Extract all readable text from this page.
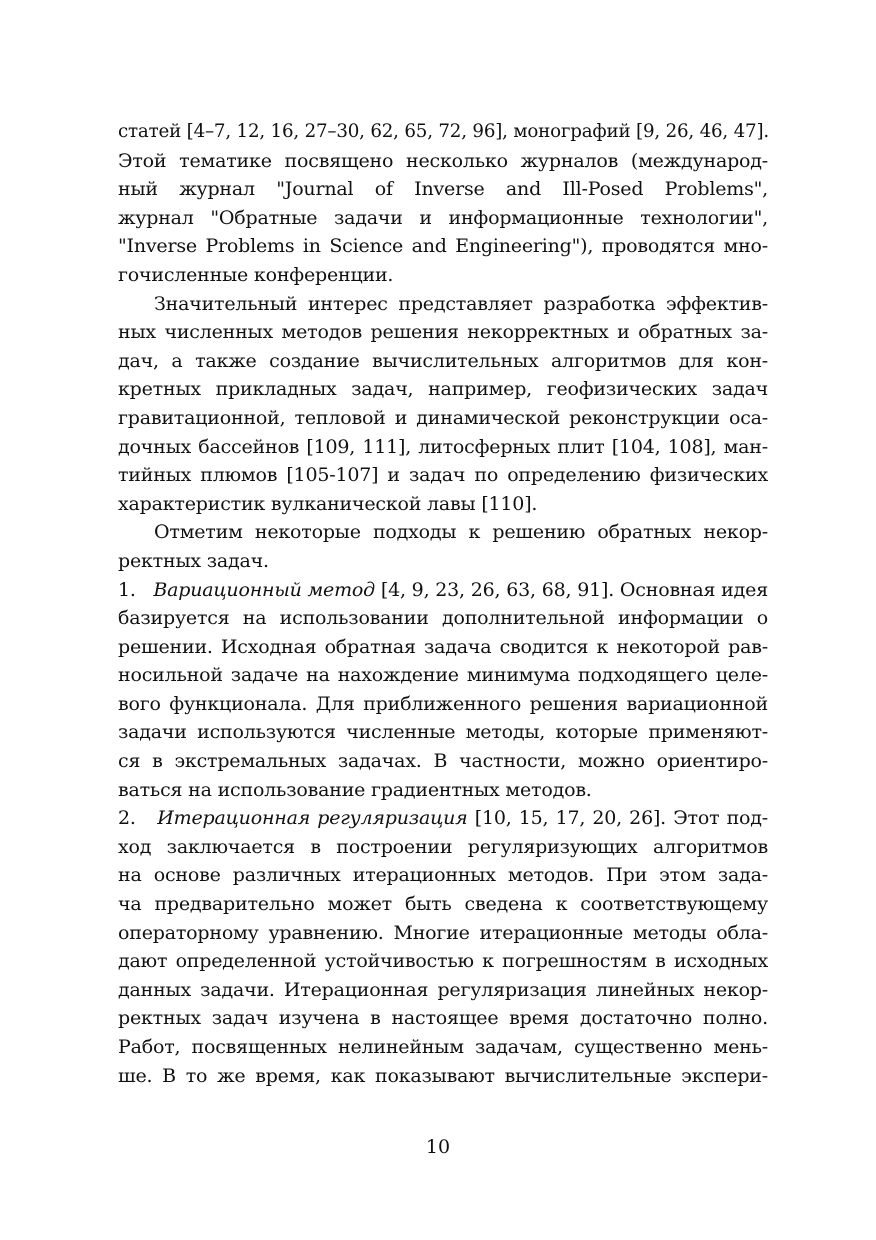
статей [4–7, 12, 16, 27–30, 62, 65, 72, 96], монографий [9, 26, 46, 47].
Этой тематике посвящено несколько журналов (международ-
ный журнал "Journal of Inverse and Ill-Posed Problems",
журнал "Обратные задачи и информационные технологии",
"Inverse Problems in Science and Engineering"), проводятся мно-
гочисленные конференции.
Значительный интерес представляет разработка эффектив-
ных численных методов решения некорректных и обратных за-
дач, а также создание вычислительных алгоритмов для кон-
кретных прикладных задач, например, геофизических задач
гравитационной, тепловой и динамической реконструкции оса-
дочных бассейнов [109, 111], литосферных плит [104, 108], ман-
тийных плюмов [105-107] и задач по определению физических
характеристик вулканической лавы [110].
Отметим некоторые подходы к решению обратных некор-
ректных задач.
1.   Вариационный метод [4, 9, 23, 26, 63, 68, 91]. Основная идея
базируется на использовании дополнительной информации о
решении. Исходная обратная задача сводится к некоторой рав-
носильной задаче на нахождение минимума подходящего целе-
вого функционала. Для приближенного решения вариационной
задачи используются численные методы, которые применяют-
ся в экстремальных задачах. В частности, можно ориентиро-
ваться на использование градиентных методов.
2.   Итерационная регуляризация [10, 15, 17, 20, 26]. Этот под-
ход заключается в построении регуляризующих алгоритмов
на основе различных итерационных методов. При этом зада-
ча предварительно может быть сведена к соответствующему
операторному уравнению. Многие итерационные методы обла-
дают определенной устойчивостью к погрешностям в исходных
данных задачи. Итерационная регуляризация линейных некор-
ректных задач изучена в настоящее время достаточно полно.
Работ, посвященных нелинейным задачам, существенно мень-
ше. В то же время, как показывают вычислительные экспери-
10
